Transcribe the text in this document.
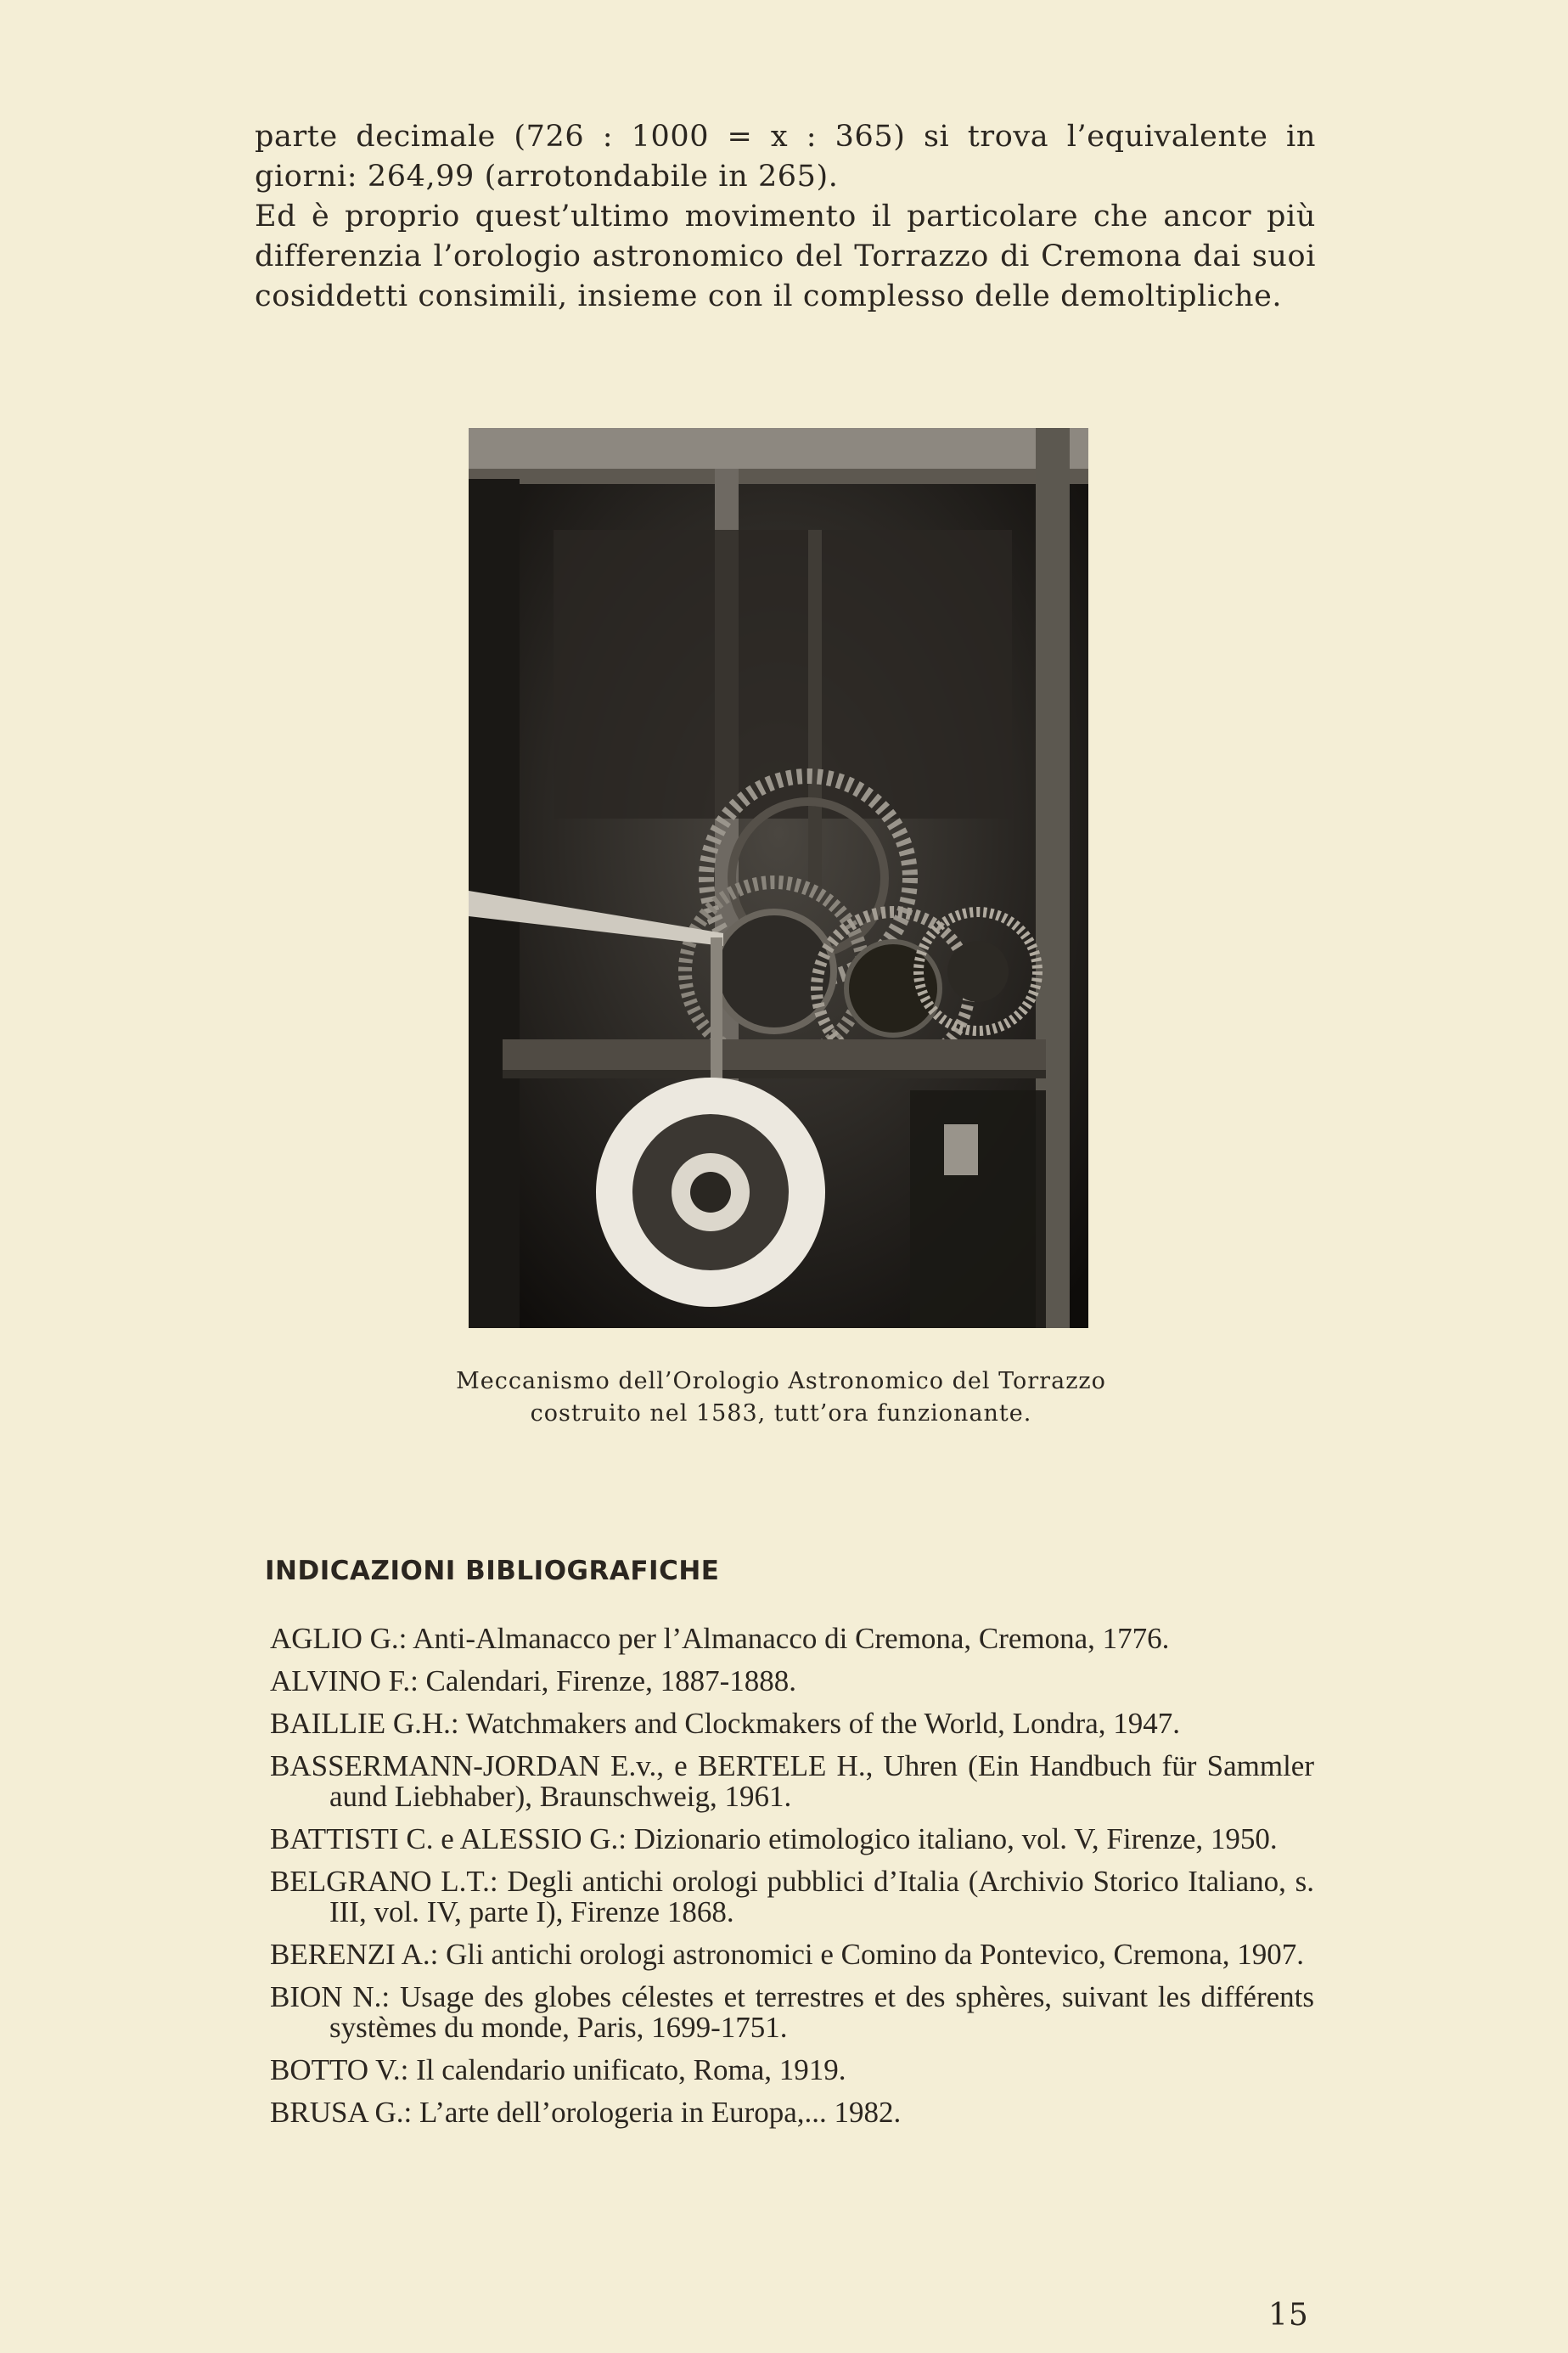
parte decimale (726 : 1000 = x : 365) si trova l’equivalente in giorni: 264,99 (arrotondabile in 265).

Ed è proprio quest’ultimo movimento il particolare che ancor più differenzia l’orologio astronomico del Torrazzo di Cremona dai suoi cosiddetti consimili, insieme con il complesso delle demoltipliche.

Meccanismo dell’Orologio Astronomico del Torrazzo
costruito nel 1583, tutt’ora funzionante.
INDICAZIONI BIBLIOGRAFICHE
AGLIO G.: Anti-Almanacco per l’Almanacco di Cremona, Cremona, 1776.
ALVINO F.: Calendari, Firenze, 1887-1888.
BAILLIE G.H.: Watchmakers and Clockmakers of the World, Londra, 1947.
BASSERMANN-JORDAN E.v., e BERTELE H., Uhren (Ein Handbuch für Sammler aund Liebhaber), Braunschweig, 1961.
BATTISTI C. e ALESSIO G.: Dizionario etimologico italiano, vol. V, Firenze, 1950.
BELGRANO L.T.: Degli antichi orologi pubblici d’Italia (Archivio Storico Italiano, s. III, vol. IV, parte I), Firenze 1868.
BERENZI A.: Gli antichi orologi astronomici e Comino da Pontevico, Cremona, 1907.
BION N.: Usage des globes célestes et terrestres et des sphères, suivant les différents systèmes du monde, Paris, 1699-1751.
BOTTO V.: Il calendario unificato, Roma, 1919.
BRUSA G.: L’arte dell’orologeria in Europa,... 1982.
15
